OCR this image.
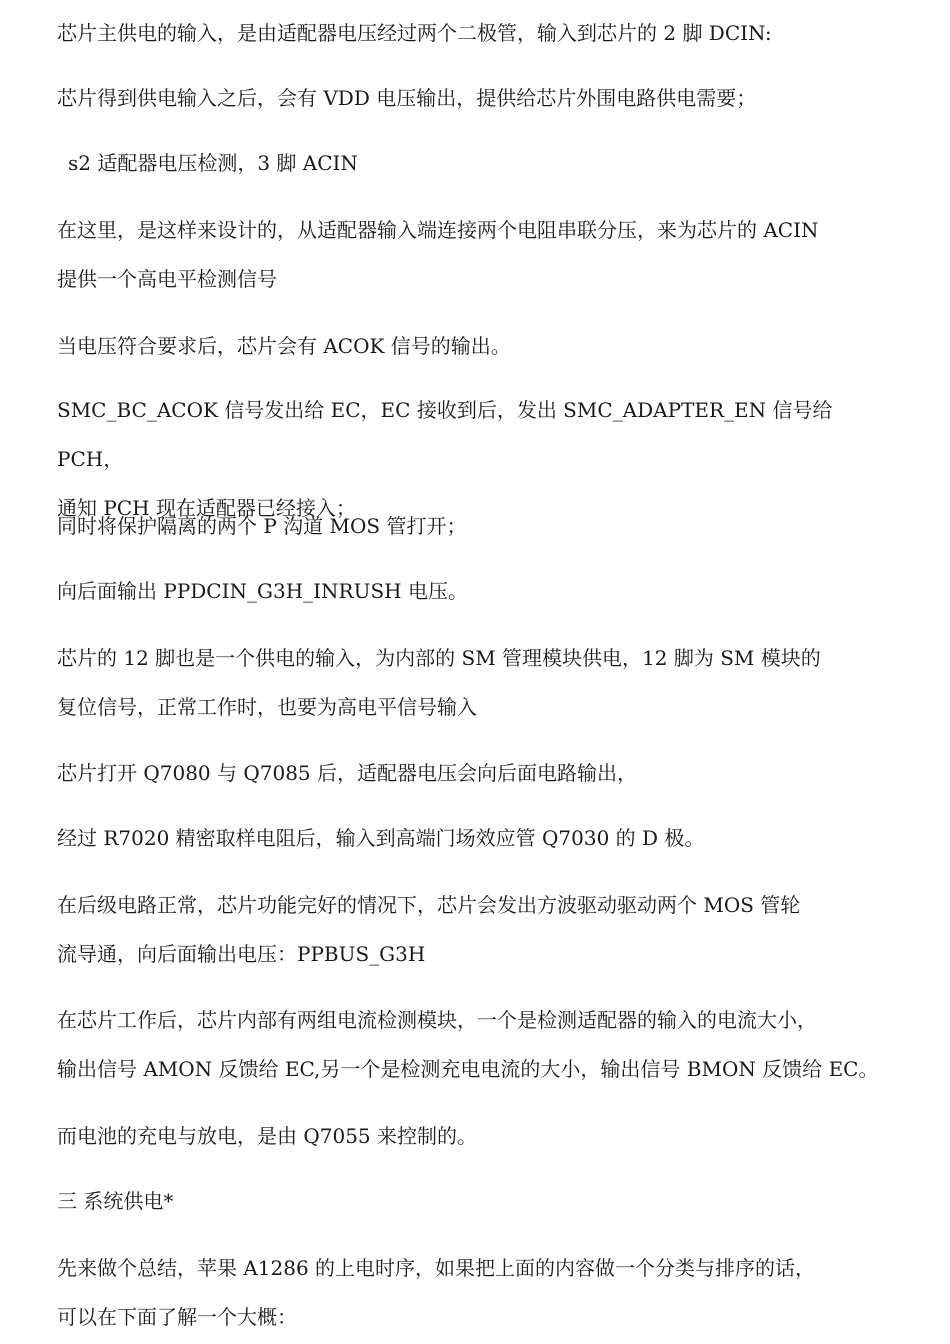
芯片主供电的输入，是由适配器电压经过两个二极管，输入到芯片的 2 脚 DCIN:

芯片得到供电输入之后，会有 VDD 电压输出，提供给芯片外围电路供电需要；

s2 适配器电压检测，3 脚 ACIN

在这里，是这样来设计的，从适配器输入端连接两个电阻串联分压，来为芯片的 ACIN
提供一个高电平检测信号

当电压符合要求后，芯片会有 ACOK 信号的输出。

SMC_BC_ACOK 信号发出给 EC，EC 接收到后，发出 SMC_ADAPTER_EN 信号给 PCH，
通知 PCH 现在适配器已经接入；

同时将保护隔离的两个 P 沟道 MOS 管打开；

向后面输出 PPDCIN_G3H_INRUSH 电压。

芯片的 12 脚也是一个供电的输入，为内部的 SM 管理模块供电，12 脚为 SM 模块的
复位信号，正常工作时，也要为高电平信号输入

芯片打开 Q7080 与 Q7085 后，适配器电压会向后面电路输出，

经过 R7020 精密取样电阻后，输入到高端门场效应管 Q7030 的 D 极。

在后级电路正常，芯片功能完好的情况下，芯片会发出方波驱动驱动两个 MOS 管轮
流导通，向后面输出电压：PPBUS_G3H

在芯片工作后，芯片内部有两组电流检测模块，一个是检测适配器的输入的电流大小，
输出信号 AMON 反馈给 EC,另一个是检测充电电流的大小，输出信号 BMON 反馈给 EC。

而电池的充电与放电，是由 Q7055 来控制的。

三 系统供电*

先来做个总结，苹果 A1286 的上电时序，如果把上面的内容做一个分类与排序的话，
可以在下面了解一个大概：
